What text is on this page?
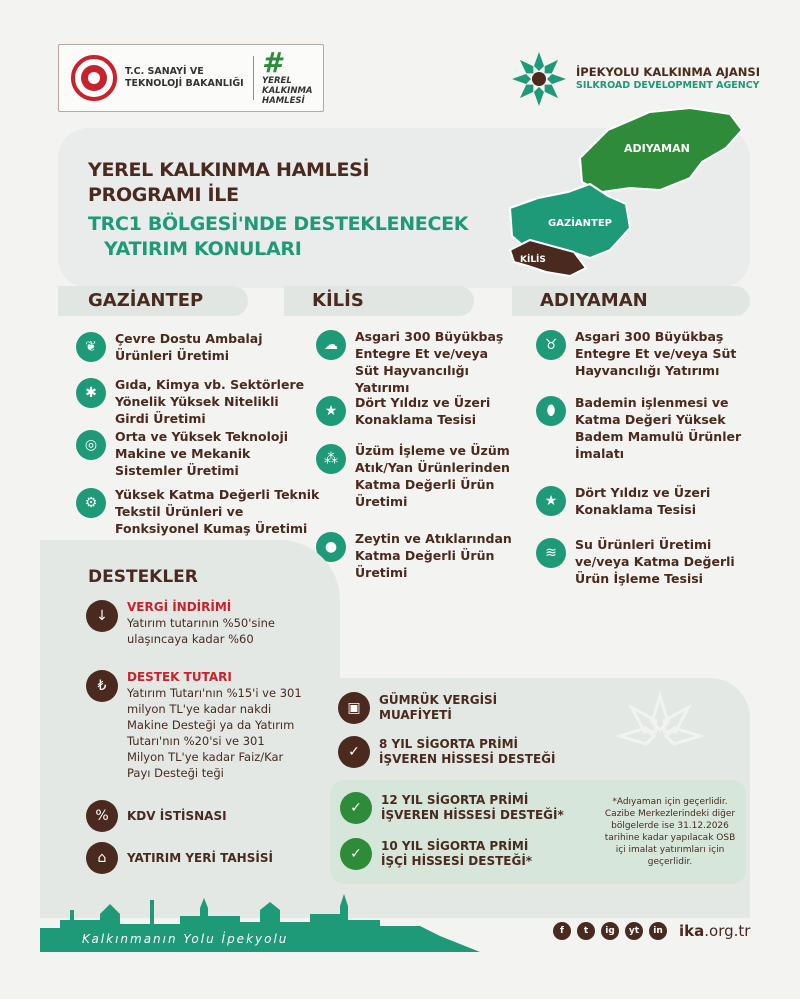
T.C. SANAYİ VE
TEKNOLOJİ BAKANLIĞI
#
YEREL
KALKINMA
HAMLESİ
İPEKYOLU KALKINMA AJANSI
SILKROAD DEVELOPMENT AGENCY
YEREL KALKINMA HAMLESİ
PROGRAMI İLE
TRC1 BÖLGESİ'NDE DESTEKLENECEK
YATIRIM KONULARI
ADIYAMAN
GAZİANTEP
KİLİS
GAZİANTEP	KİLİS	ADIYAMAN
❦
Çevre Dostu Ambalaj Ürünleri Üretimi
✱
Gıda, Kimya vb. Sektörlere Yönelik Yüksek Nitelikli Girdi Üretimi
◎
Orta ve Yüksek Teknoloji Makine ve Mekanik Sistemler Üretimi
⚙
Yüksek Katma Değerli Teknik Tekstil Ürünleri ve Fonksiyonel Kumaş Üretimi
☁
Asgari 300 Büyükbaş Entegre Et ve/veya Süt Hayvancılığı Yatırımı
★
Dört Yıldız ve Üzeri Konaklama Tesisi
⁂
Üzüm İşleme ve Üzüm Atık/Yan Ürünlerinden Katma Değerli Ürün Üretimi
●
Zeytin ve Atıklarından Katma Değerli Ürün Üretimi
♉
Asgari 300 Büyükbaş Entegre Et ve/veya Süt Hayvancılığı Yatırımı
⬮
Bademin işlenmesi ve Katma Değeri Yüksek Badem Mamulü Ürünler İmalatı
★
Dört Yıldız ve Üzeri Konaklama Tesisi
≋
Su Ürünleri Üretimi ve/veya Katma Değerli Ürün İşleme Tesisi
DESTEKLER
↓
VERGİ İNDİRİMİ
Yatırım tutarının %50'sine ulaşıncaya kadar %60
₺
DESTEK TUTARI
Yatırım Tutarı'nın %15'i ve 301 milyon TL'ye kadar nakdi Makine Desteği ya da Yatırım Tutarı'nın %20'si ve 301 Milyon TL'ye kadar Faiz/Kar Payı Desteği teği
%	KDV İSTİSNASI
⌂	YATIRIM YERİ TAHSİSİ
▣	GÜMRÜK VERGİSİ MUAFİYETİ
✓	8 YIL SİGORTA PRİMİ İŞVEREN HİSSESİ DESTEĞİ
✓	12 YIL SİGORTA PRİMİ İŞVEREN HİSSESİ DESTEĞİ*
✓	10 YIL SİGORTA PRİMİ İŞÇİ HİSSESİ DESTEĞİ*
*Adıyaman için geçerlidir. Cazibe Merkezlerindeki diğer bölgelerde ise 31.12.2026 tarihine kadar yapılacak OSB içi imalat yatırımları için geçerlidir.
Kalkınmanın Yolu İpekyolu
f	t	ig	yt	in ika.org.tr
